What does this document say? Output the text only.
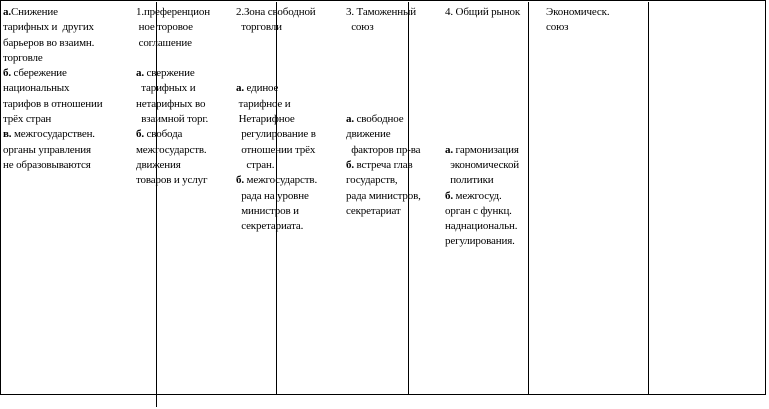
а.Снижение
тарифных и  других
барьеров во взаимн.
торговле
б. сбережение
национальных
тарифов в отношении
трёх стран
в. межгосударствен.
органы управления
не образовываются
1.преференцион
ное торовое
соглашение

а. свержение
тарифных и
нетарифных во
взаимной торг.
б. свобода
межгосударств.
движения
товаров и услуг
2.Зона свободной
торговли

а. единое
тарифное и
Нетарифное
регулирование в
отношении трёх
стран.
б. межгосударств.
рада на уровне
министров и
секретариата.
3. Таможенный
союз

а. свободное
движение
факторов пр-ва
б. встреча глав
государств,
рада министров,
секретариат
4. Общий рынок

а. гармонизация
экономической
политики
б. межгосуд.
орган с функц.
наднациональн.
регулирования.
Экономическ.
союз
